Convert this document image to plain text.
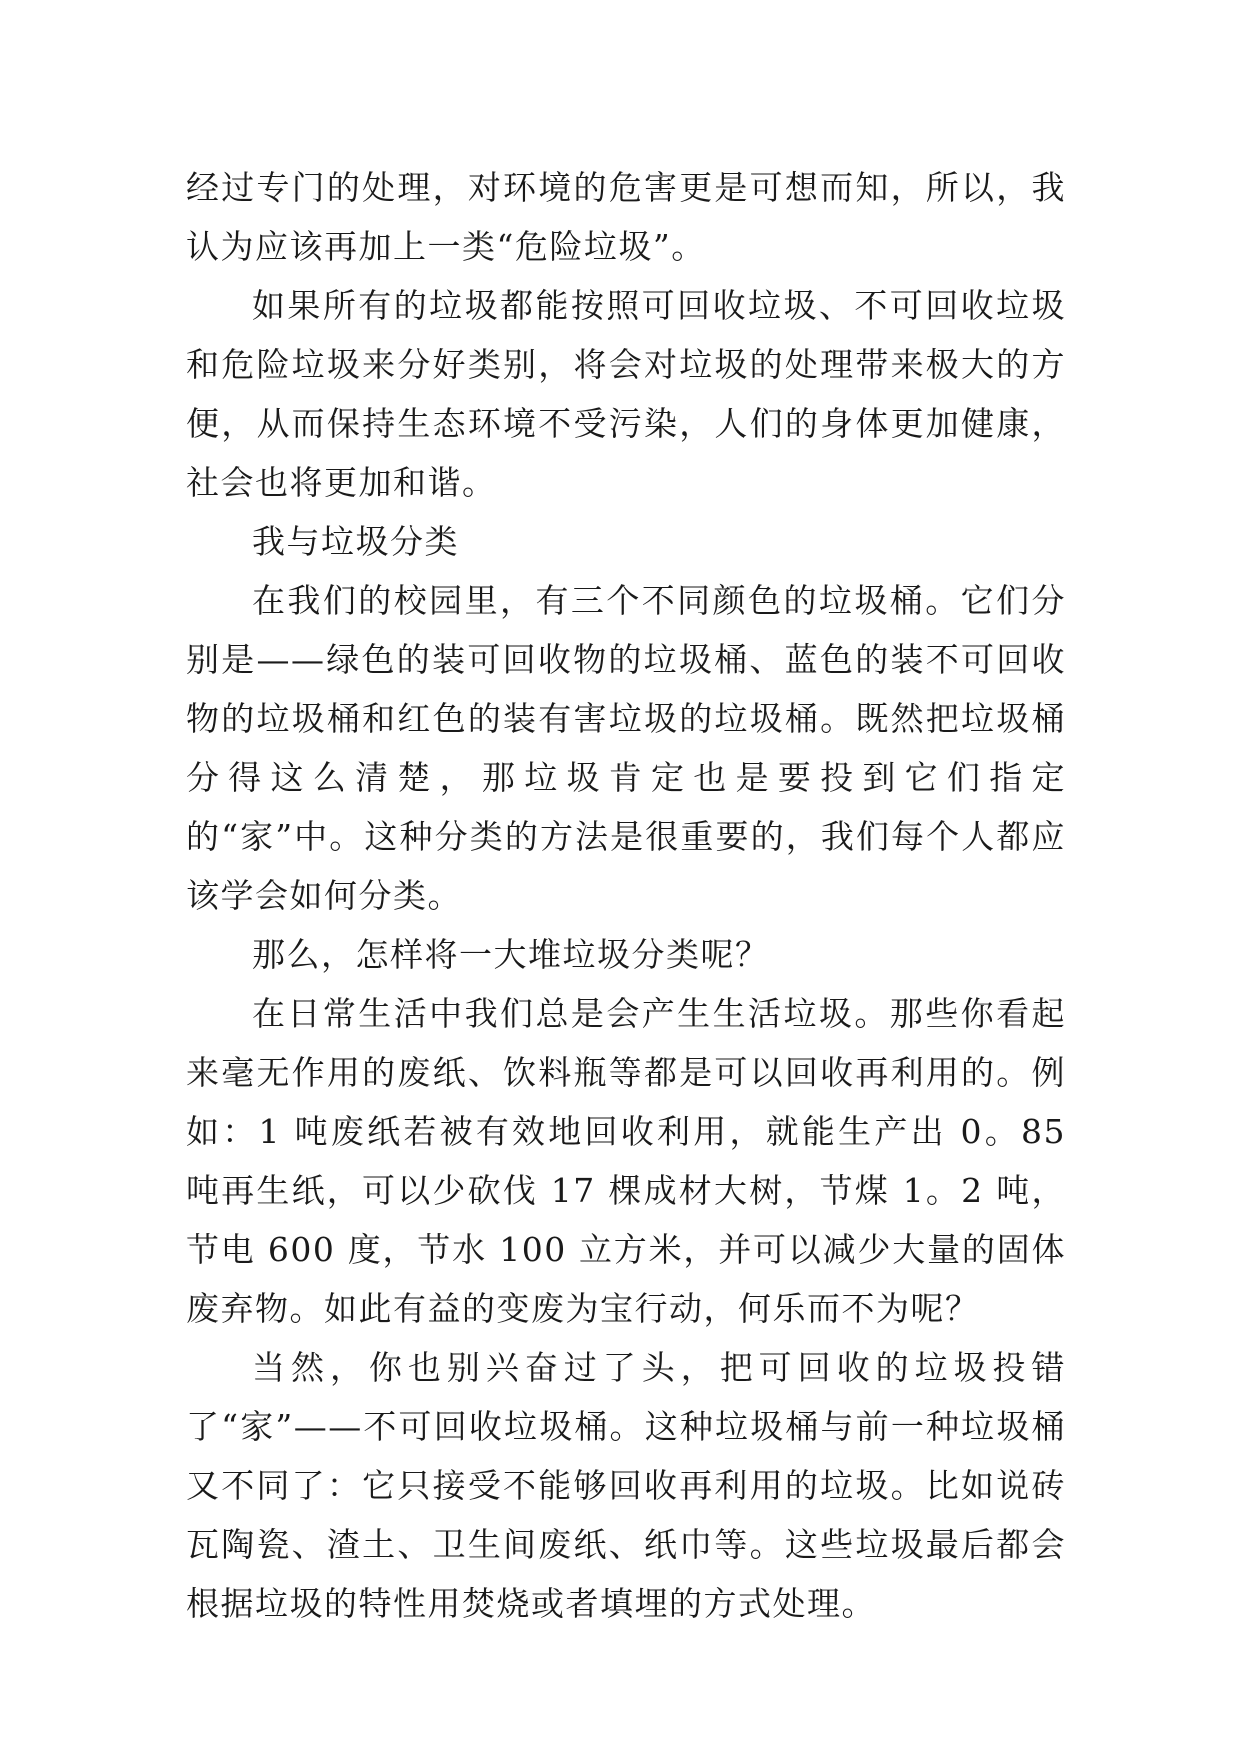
经过专门的处理，对环境的危害更是可想而知，所以，我认为应该再加上一类“危险垃圾”。

如果所有的垃圾都能按照可回收垃圾、不可回收垃圾和危险垃圾来分好类别，将会对垃圾的处理带来极大的方便，从而保持生态环境不受污染，人们的身体更加健康，社会也将更加和谐。

我与垃圾分类

在我们的校园里，有三个不同颜色的垃圾桶。它们分别是——绿色的装可回收物的垃圾桶、蓝色的装不可回收物的垃圾桶和红色的装有害垃圾的垃圾桶。既然把垃圾桶分得这么清楚，那垃圾肯定也是要投到它们指定的“家”中。这种分类的方法是很重要的，我们每个人都应该学会如何分类。

那么，怎样将一大堆垃圾分类呢？

在日常生活中我们总是会产生生活垃圾。那些你看起来毫无作用的废纸、饮料瓶等都是可以回收再利用的。例如：1 吨废纸若被有效地回收利用，就能生产出 0。85 吨再生纸，可以少砍伐 17 棵成材大树，节煤 1。2 吨，节电 600 度，节水 100 立方米，并可以减少大量的固体废弃物。如此有益的变废为宝行动，何乐而不为呢？

当然，你也别兴奋过了头，把可回收的垃圾投错了“家”——不可回收垃圾桶。这种垃圾桶与前一种垃圾桶又不同了：它只接受不能够回收再利用的垃圾。比如说砖瓦陶瓷、渣土、卫生间废纸、纸巾等。这些垃圾最后都会根据垃圾的特性用焚烧或者填埋的方式处理。
